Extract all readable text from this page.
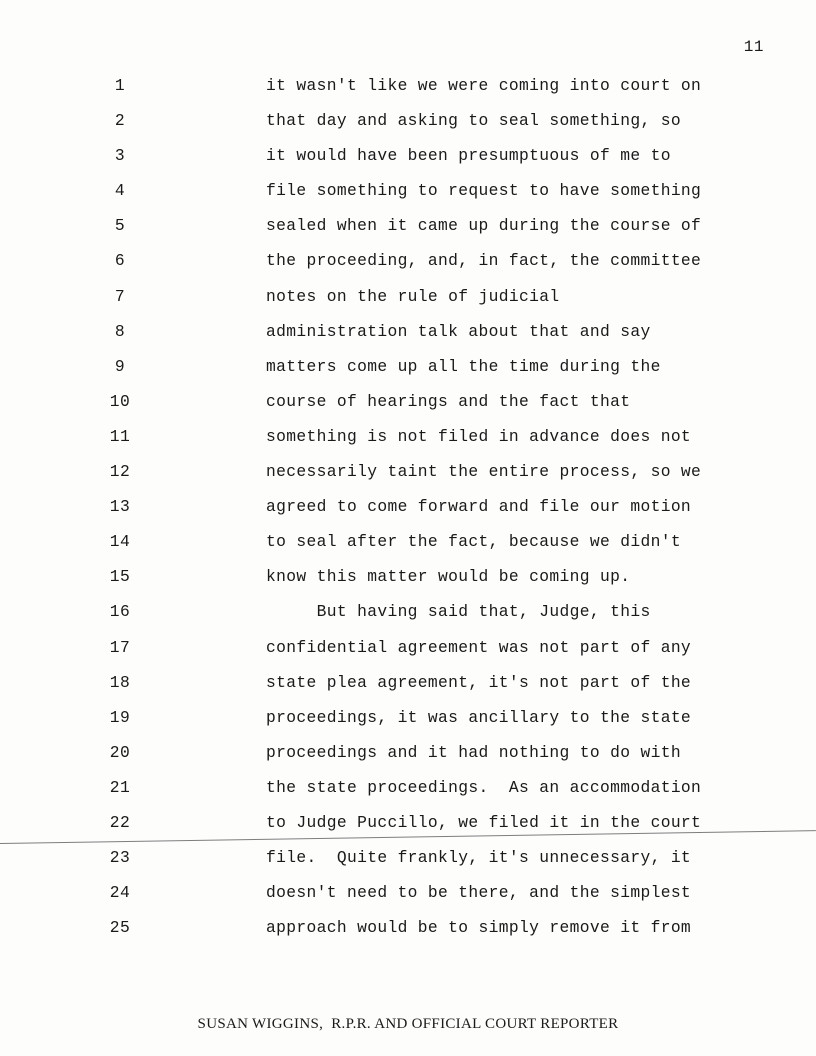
11
1	it wasn't like we were coming into court on
2	that day and asking to seal something, so
3	it would have been presumptuous of me to
4	file something to request to have something
5	sealed when it came up during the course of
6	the proceeding, and, in fact, the committee
7	notes on the rule of judicial
8	administration talk about that and say
9	matters come up all the time during the
10	course of hearings and the fact that
11	something is not filed in advance does not
12	necessarily taint the entire process, so we
13	agreed to come forward and file our motion
14	to seal after the fact, because we didn't
15	know this matter would be coming up.
16	But having said that, Judge, this
17	confidential agreement was not part of any
18	state plea agreement, it's not part of the
19	proceedings, it was ancillary to the state
20	proceedings and it had nothing to do with
21	the state proceedings.  As an accommodation
22	to Judge Puccillo, we filed it in the court
23	file.  Quite frankly, it's unnecessary, it
24	doesn't need to be there, and the simplest
25	approach would be to simply remove it from
SUSAN WIGGINS,  R.P.R. AND OFFICIAL COURT REPORTER
